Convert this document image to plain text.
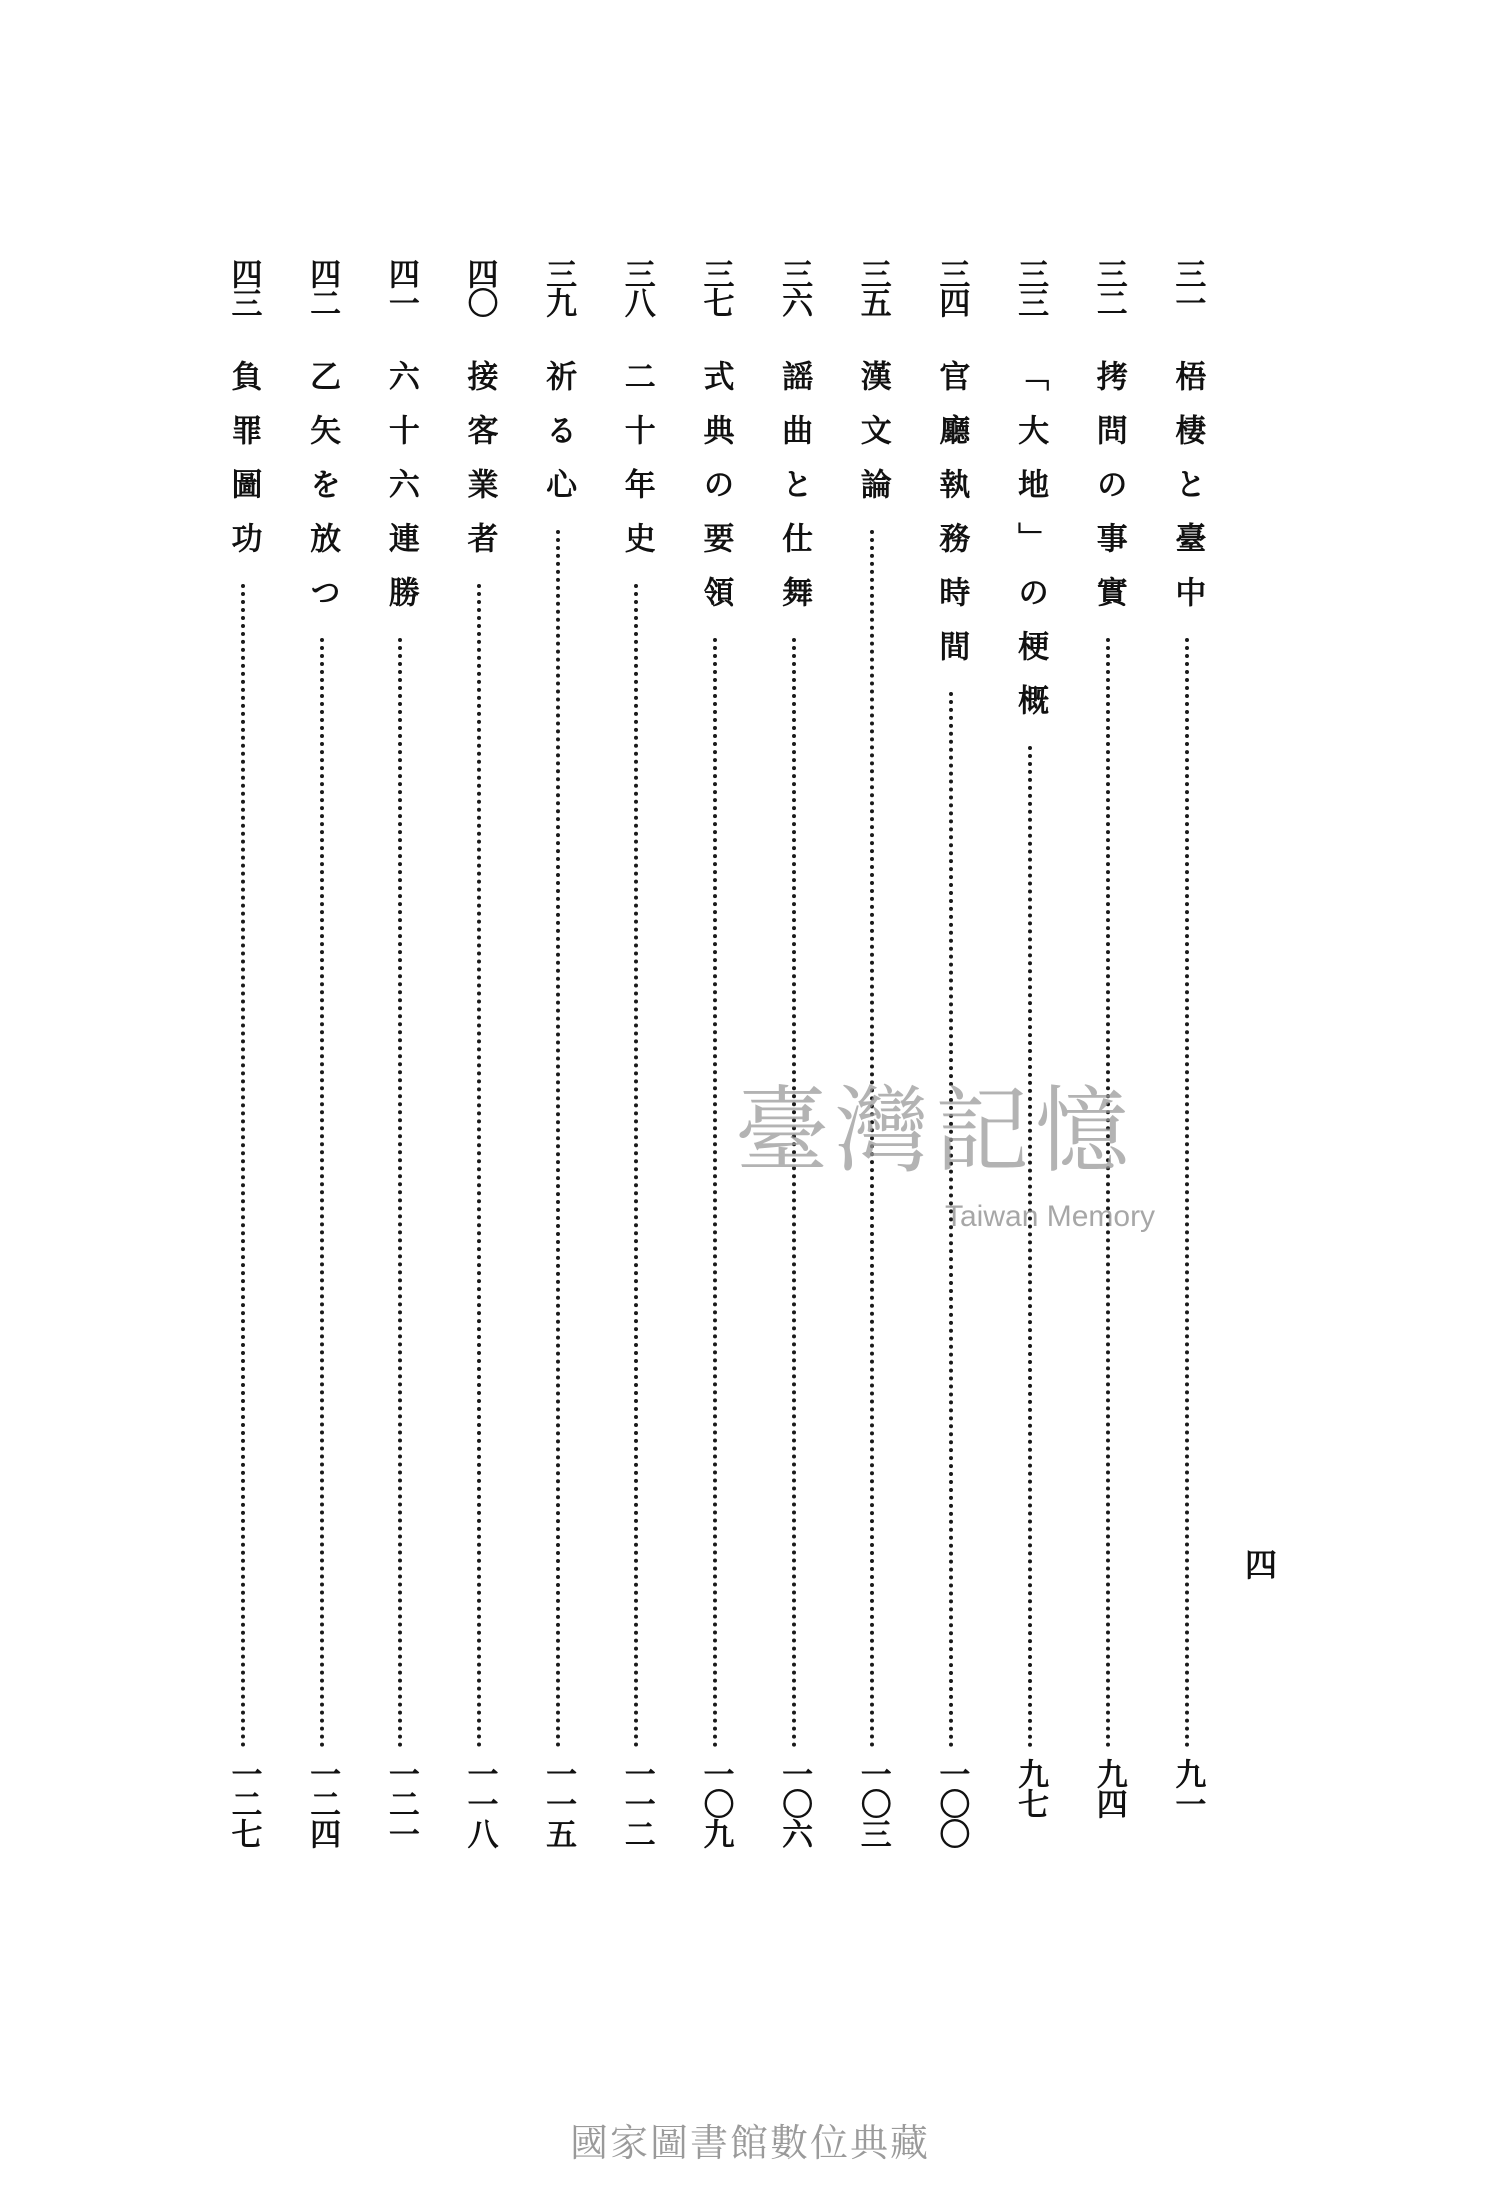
三一
梧棲と臺中
九一
三二
拷問の事實
九四
三三
「大地」の梗概
九七
三四
官廳執務時間
一〇〇
三五
漢文論
一〇三
三六
謡曲と仕舞
一〇六
三七
式典の要領
一〇九
三八
二十年史
一一二
三九
祈る心
一一五
四〇
接客業者
一一八
四一
六十六連勝
一二一
四二
乙矢を放つ
一二四
四三
負罪圖功
一二七
四
臺灣記憶
Taiwan Memory
國家圖書館數位典藏
